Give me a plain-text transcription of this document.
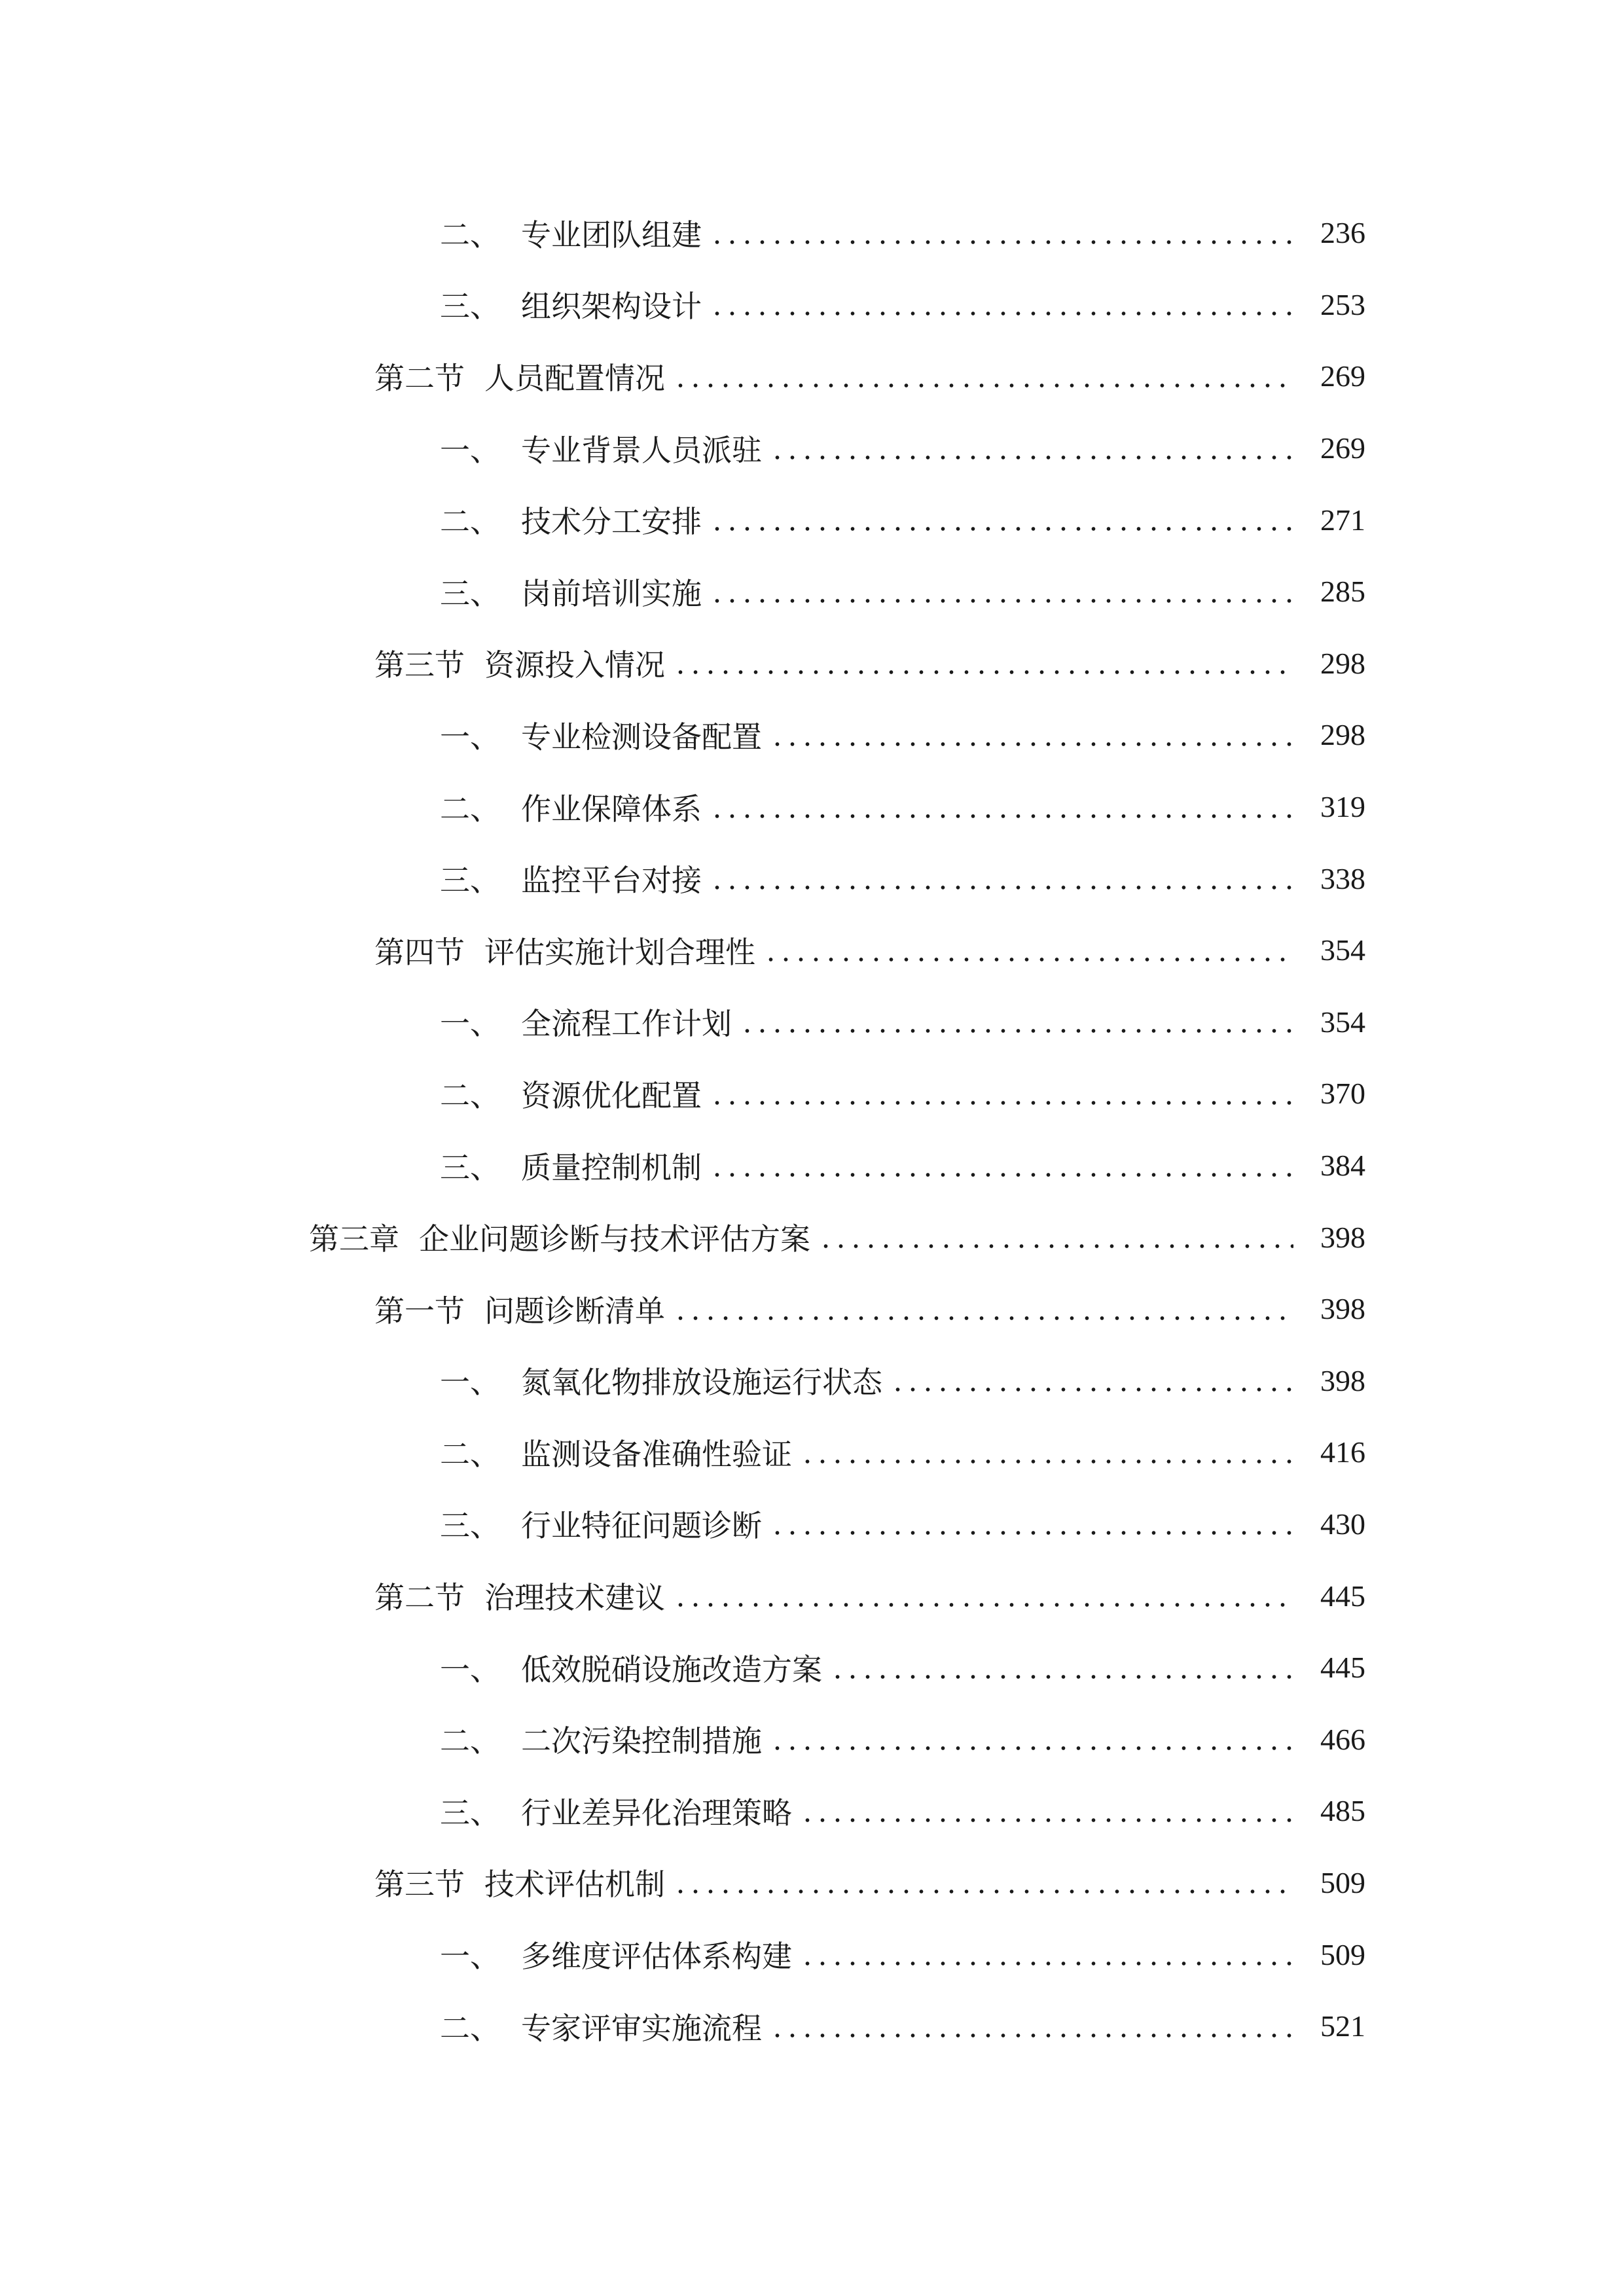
二、 专业团队组建	236
三、 组织架构设计	253
第二节 人员配置情况	269
一、 专业背景人员派驻	269
二、 技术分工安排	271
三、 岗前培训实施	285
第三节 资源投入情况	298
一、 专业检测设备配置	298
二、 作业保障体系	319
三、 监控平台对接	338
第四节 评估实施计划合理性	354
一、 全流程工作计划	354
二、 资源优化配置	370
三、 质量控制机制	384
第三章 企业问题诊断与技术评估方案	398
第一节 问题诊断清单	398
一、 氮氧化物排放设施运行状态	398
二、 监测设备准确性验证	416
三、 行业特征问题诊断	430
第二节 治理技术建议	445
一、 低效脱硝设施改造方案	445
二、 二次污染控制措施	466
三、 行业差异化治理策略	485
第三节 技术评估机制	509
一、 多维度评估体系构建	509
二、 专家评审实施流程	521
